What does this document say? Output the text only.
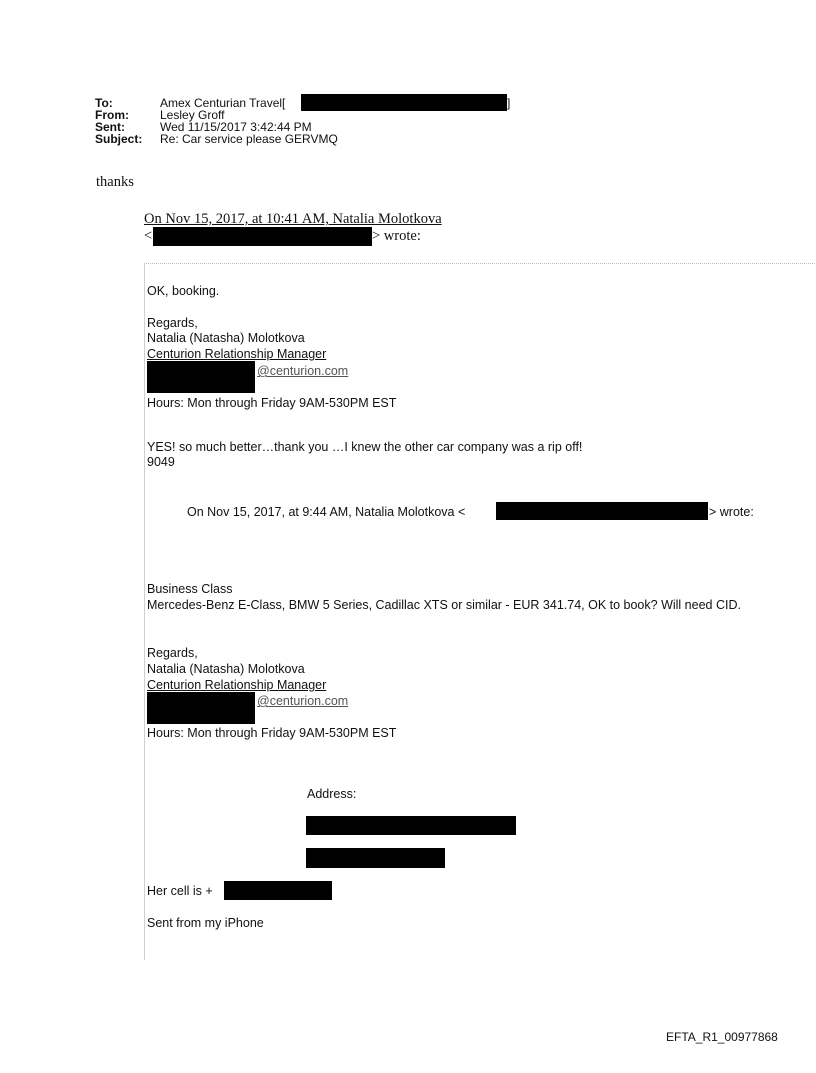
To:	Amex Centurian Travel[	]
From:	Lesley Groff
Sent:	Wed 11/15/2017 3:42:44 PM
Subject: Re: Car service please GERVMQ
thanks
On Nov 15, 2017, at 10:41 AM, Natalia Molotkova
<	> wrote:
OK, booking.
Regards,
Natalia (Natasha) Molotkova
Centurion Relationship Manager
@centurion.com
Hours: Mon through Friday 9AM-530PM EST
YES! so much better…thank you …I knew the other car company was a rip off!
9049
On Nov 15, 2017, at 9:44 AM, Natalia Molotkova <	> wrote:
Business Class
Mercedes-Benz E-Class, BMW 5 Series, Cadillac XTS or similar - EUR 341.74, OK to book? Will need CID.
Regards,
Natalia (Natasha) Molotkova
Centurion Relationship Manager
@centurion.com
Hours: Mon through Friday 9AM-530PM EST
Address:
Her cell is +
Sent from my iPhone
EFTA_R1_00977868
